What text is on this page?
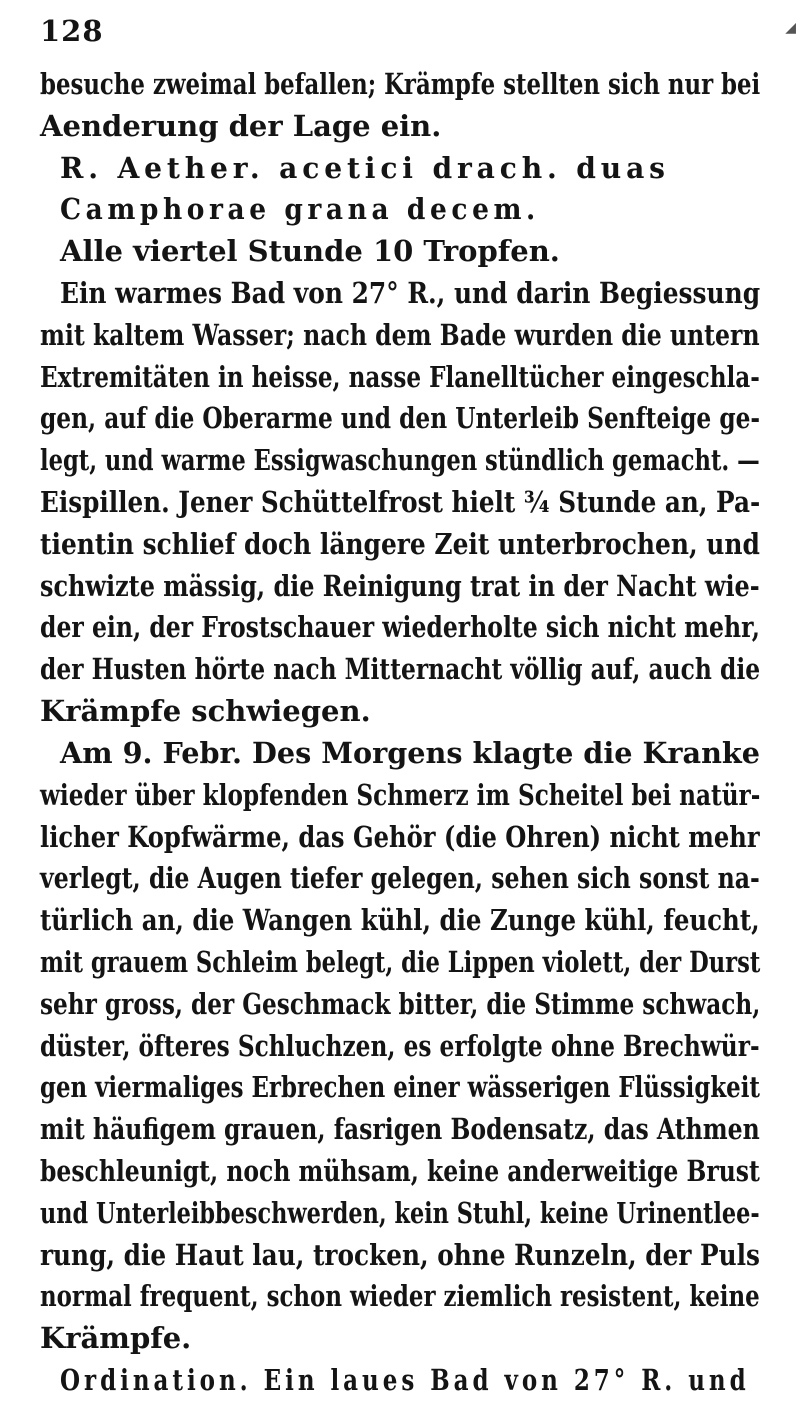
128	◢
besuche zweimal befallen; Krämpfe stellten sich nur bei
Aenderung der Lage ein.
R. Aether. acetici drach. duas
Camphorae grana decem.
Alle viertel Stunde 10 Tropfen.
Ein warmes Bad von 27° R., und darin Begiessung
mit kaltem Wasser; nach dem Bade wurden die untern
Extremitäten in heisse, nasse Flanelltücher eingeschla-
gen, auf die Oberarme und den Unterleib Senfteige ge-
legt, und warme Essigwaschungen stündlich gemacht. —
Eispillen. Jener Schüttelfrost hielt ¾ Stunde an, Pa-
tientin schlief doch längere Zeit unterbrochen, und
schwizte mässig, die Reinigung trat in der Nacht wie-
der ein, der Frostschauer wiederholte sich nicht mehr,
der Husten hörte nach Mitternacht völlig auf, auch die
Krämpfe schwiegen.
Am 9. Febr. Des Morgens klagte die Kranke
wieder über klopfenden Schmerz im Scheitel bei natür-
licher Kopfwärme, das Gehör (die Ohren) nicht mehr
verlegt, die Augen tiefer gelegen, sehen sich sonst na-
türlich an, die Wangen kühl, die Zunge kühl, feucht,
mit grauem Schleim belegt, die Lippen violett, der Durst
sehr gross, der Geschmack bitter, die Stimme schwach,
düster, öfteres Schluchzen, es erfolgte ohne Brechwür-
gen viermaliges Erbrechen einer wässerigen Flüssigkeit
mit häufigem grauen, fasrigen Bodensatz, das Athmen
beschleunigt, noch mühsam, keine anderweitige Brust
und Unterleibbeschwerden, kein Stuhl, keine Urinentlee-
rung, die Haut lau, trocken, ohne Runzeln, der Puls
normal frequent, schon wieder ziemlich resistent, keine
Krämpfe.
Ordination. Ein laues Bad von 27° R. und
